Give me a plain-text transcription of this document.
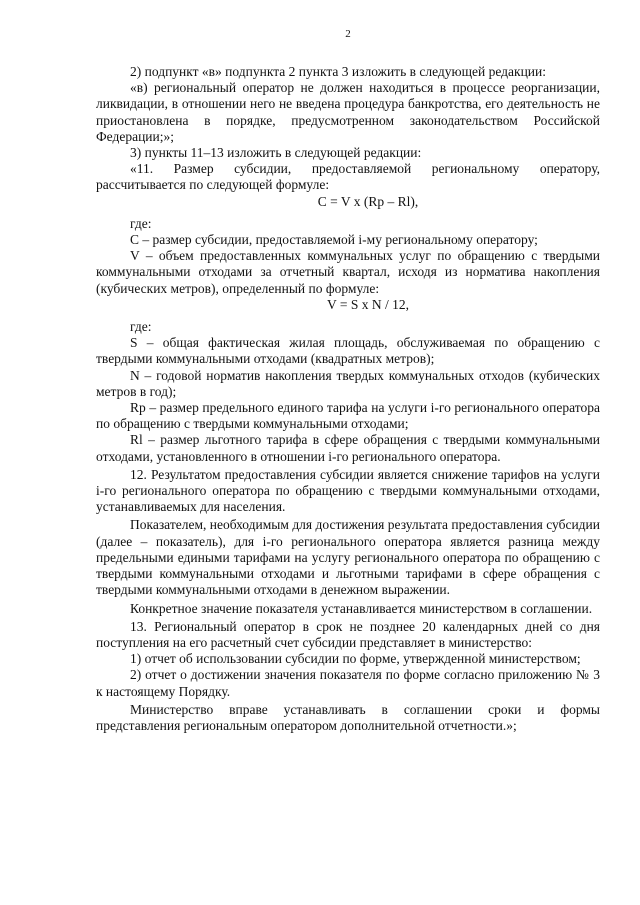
2

2) подпункт «в» подпункта 2 пункта 3 изложить в следующей редакции:

«в) региональный оператор не должен находиться в процессе реорганизации, ликвидации, в отношении него не введена процедура банкротства, его деятельность не приостановлена в порядке, предусмотренном законодательством Российской Федерации;»;

3) пункты 11–13 изложить в следующей редакции:

«11. Размер субсидии, предоставляемой региональному оператору, рассчитывается по следующей формуле:

C = V x (Rp – Rl),

где:

C – размер субсидии, предоставляемой i-му региональному оператору;

V – объем предоставленных коммунальных услуг по обращению с твердыми коммунальными отходами за отчетный квартал, исходя из норматива накопления (кубических метров), определенный по формуле:

V = S x N / 12,

где:

S – общая фактическая жилая площадь, обслуживаемая по обращению с твердыми коммунальными отходами (квадратных метров);

N – годовой норматив накопления твердых коммунальных отходов (кубических метров в год);

Rp – размер предельного единого тарифа на услуги i-го регионального оператора по обращению с твердыми коммунальными отходами;

Rl – размер льготного тарифа в сфере обращения с твердыми коммунальными отходами, установленного в отношении i-го регионального оператора.

12. Результатом предоставления субсидии является снижение тарифов на услуги i-го регионального оператора по обращению с твердыми коммунальными отходами, устанавливаемых для населения.

Показателем, необходимым для достижения результата предоставления субсидии (далее – показатель), для i-го регионального оператора является разница между предельными едиными тарифами на услугу регионального оператора по обращению с твердыми коммунальными отходами и льготными тарифами в сфере обращения с твердыми коммунальными отходами в денежном выражении.

Конкретное значение показателя устанавливается министерством в соглашении.

13. Региональный оператор в срок не позднее 20 календарных дней со дня поступления на его расчетный счет субсидии представляет в министерство:

1) отчет об использовании субсидии по форме, утвержденной министерством;

2) отчет о достижении значения показателя по форме согласно приложению № 3 к настоящему Порядку.

Министерство вправе устанавливать в соглашении сроки и формы представления региональным оператором дополнительной отчетности.»;
